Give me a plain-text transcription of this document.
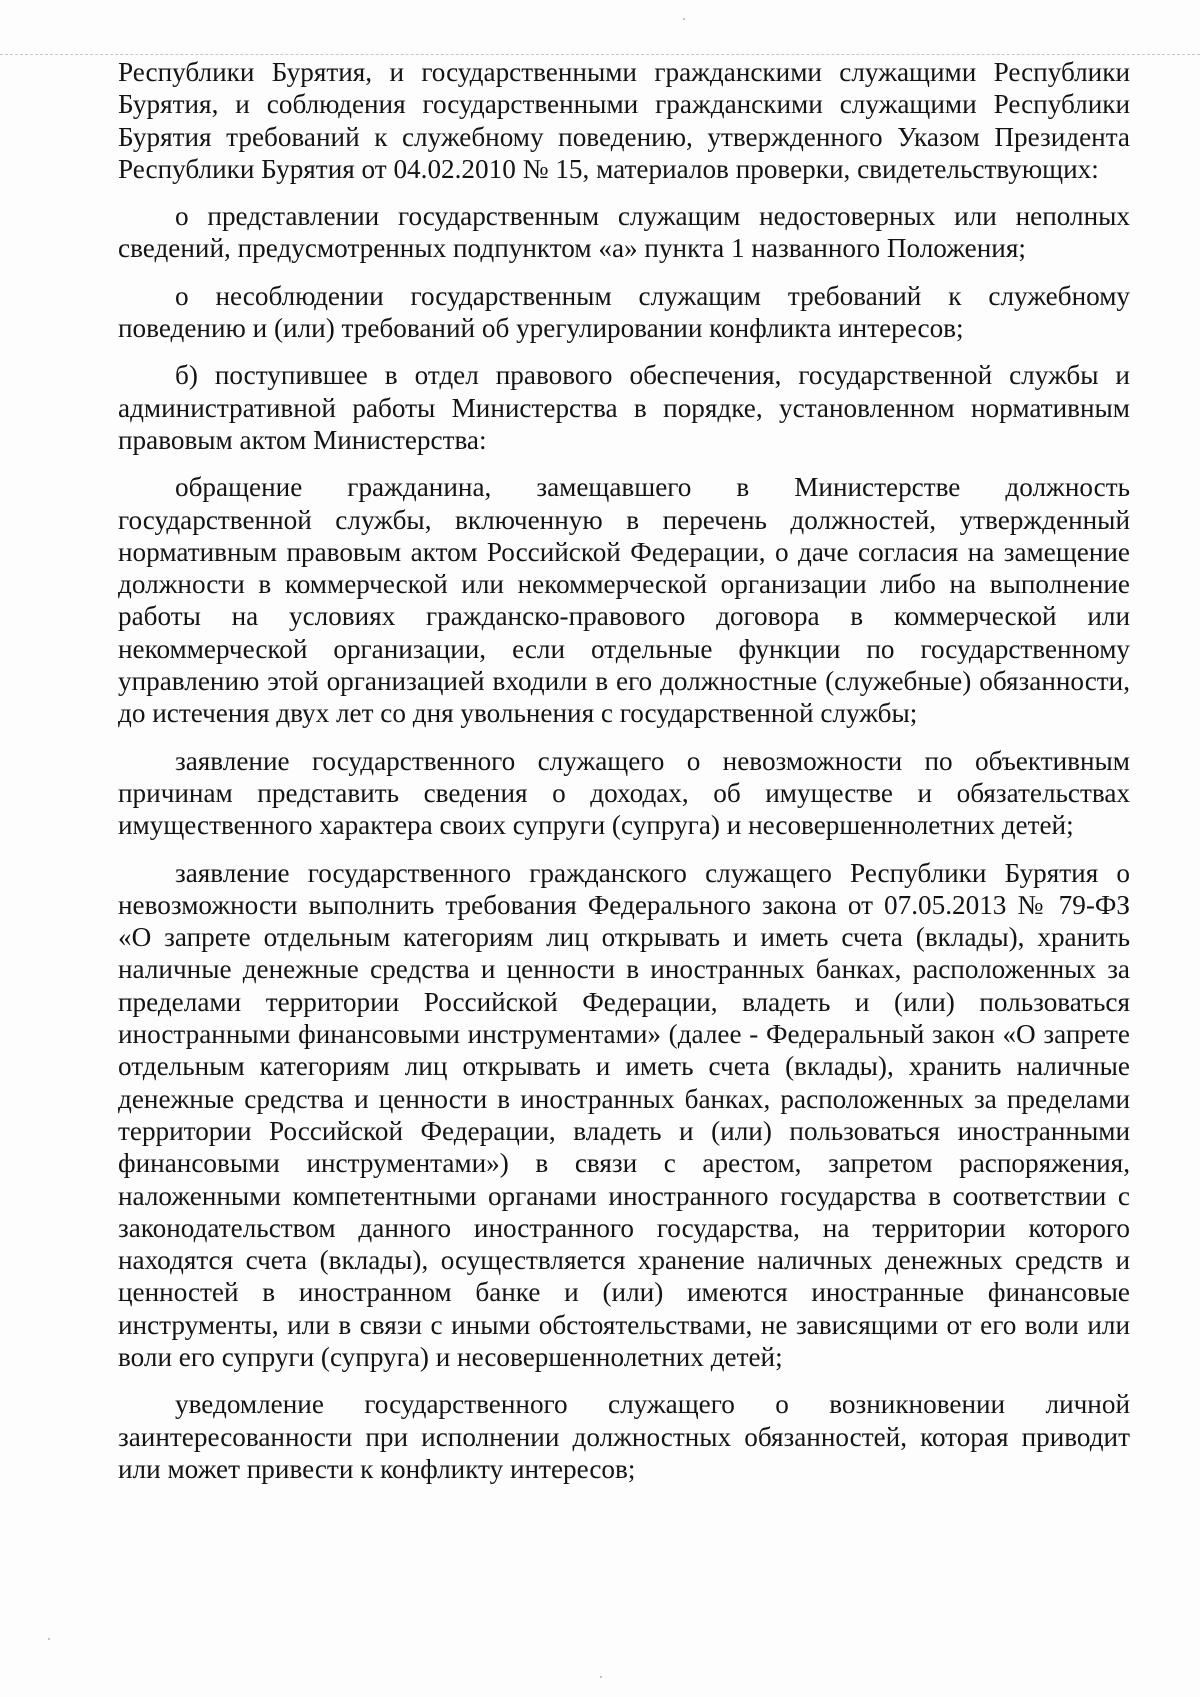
Республики Бурятия, и государственными гражданскими служащими Республики Бурятия, и соблюдения государственными гражданскими служащими Республики Бурятия требований к служебному поведению, утвержденного Указом Президента Республики Бурятия от 04.02.2010 № 15, материалов проверки, свидетельствующих:

о представлении государственным служащим недостоверных или неполных сведений, предусмотренных подпунктом «а» пункта 1 названного Положения;

о несоблюдении государственным служащим требований к служебному поведению и (или) требований об урегулировании конфликта интересов;

б) поступившее в отдел правового обеспечения, государственной службы и административной работы Министерства в порядке, установленном нормативным правовым актом Министерства:

обращение гражданина, замещавшего в Министерстве должность государственной службы, включенную в перечень должностей, утвержденный нормативным правовым актом Российской Федерации, о даче согласия на замещение должности в коммерческой или некоммерческой организации либо на выполнение работы на условиях гражданско-правового договора в коммерческой или некоммерческой организации, если отдельные функции по государственному управлению этой организацией входили в его должностные (служебные) обязанности, до истечения двух лет со дня увольнения с государственной службы;

заявление государственного служащего о невозможности по объективным причинам представить сведения о доходах, об имуществе и обязательствах имущественного характера своих супруги (супруга) и несовершеннолетних детей;

заявление государственного гражданского служащего Республики Бурятия о невозможности выполнить требования Федерального закона от 07.05.2013 № 79-ФЗ «О запрете отдельным категориям лиц открывать и иметь счета (вклады), хранить наличные денежные средства и ценности в иностранных банках, расположенных за пределами территории Российской Федерации, владеть и (или) пользоваться иностранными финансовыми инструментами» (далее - Федеральный закон «О запрете отдельным категориям лиц открывать и иметь счета (вклады), хранить наличные денежные средства и ценности в иностранных банках, расположенных за пределами территории Российской Федерации, владеть и (или) пользоваться иностранными финансовыми инструментами») в связи с арестом, запретом распоряжения, наложенными компетентными органами иностранного государства в соответствии с законодательством данного иностранного государства, на территории которого находятся счета (вклады), осуществляется хранение наличных денежных средств и ценностей в иностранном банке и (или) имеются иностранные финансовые инструменты, или в связи с иными обстоятельствами, не зависящими от его воли или воли его супруги (супруга) и несовершеннолетних детей;

уведомление государственного служащего о возникновении личной заинтересованности при исполнении должностных обязанностей, которая приводит или может привести к конфликту интересов;
